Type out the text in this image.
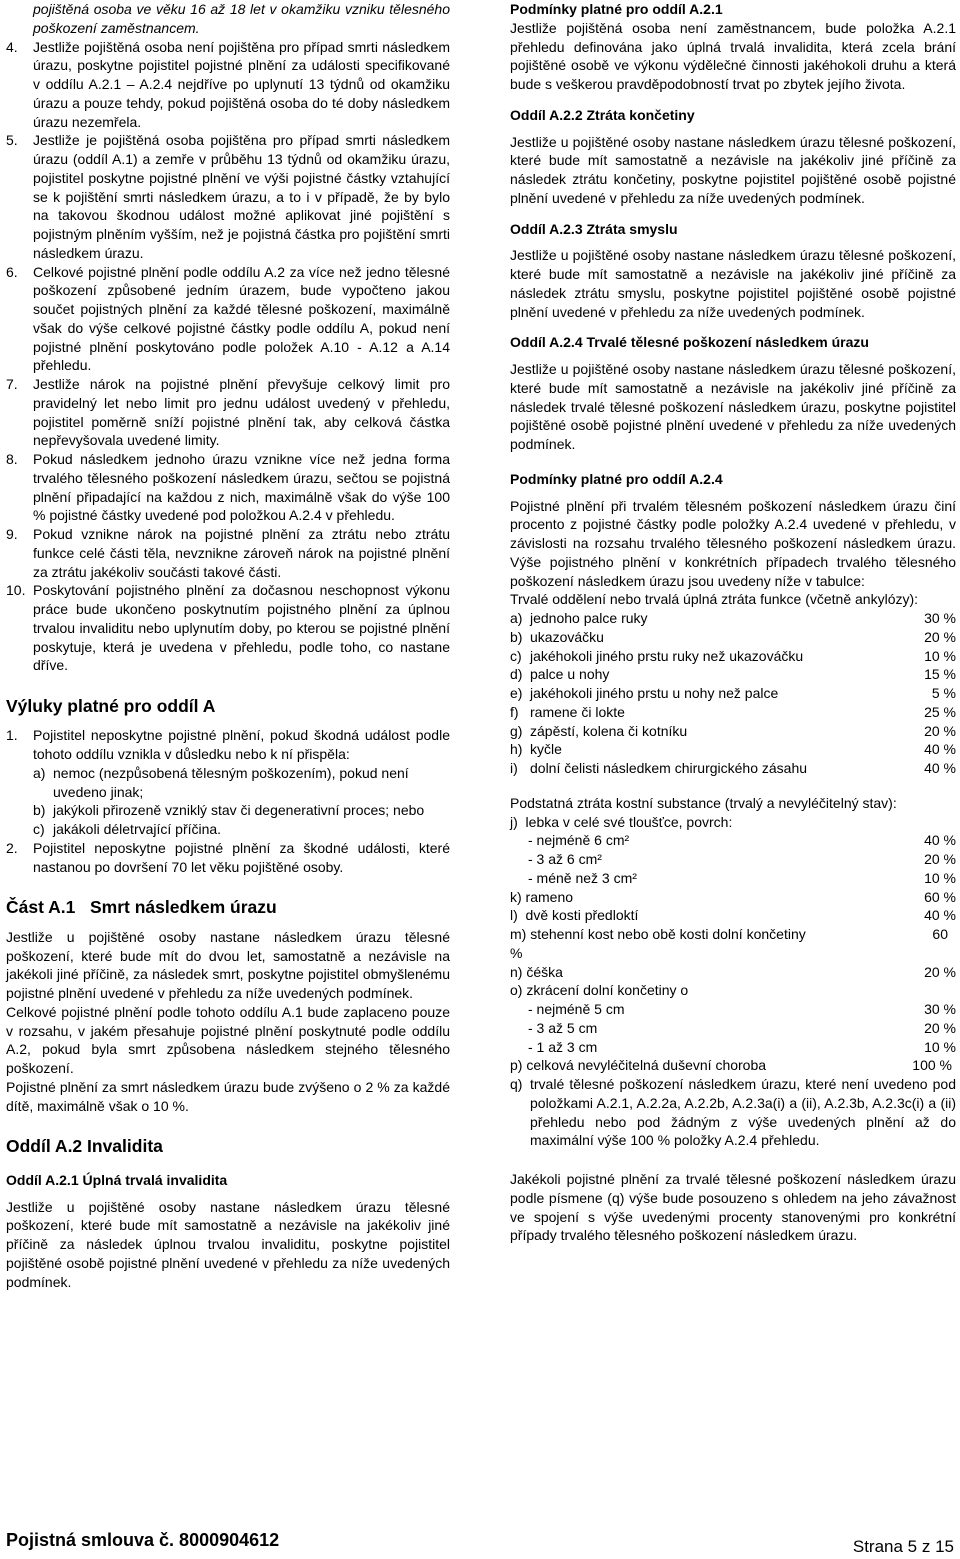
pojištěná osoba ve věku 16 až 18 let v okamžiku vzniku tělesného poškození zaměstnancem.

4.	Jestliže pojištěná osoba není pojištěna pro případ smrti následkem úrazu, poskytne pojistitel pojistné plnění za události specifikované v oddílu A.2.1 – A.2.4 nejdříve po uplynutí 13 týdnů od okamžiku úrazu a pouze tehdy, pokud pojištěná osoba do té doby následkem úrazu nezemřela.
5.	Jestliže je pojištěná osoba pojištěna pro případ smrti následkem úrazu (oddíl A.1) a zemře v průběhu 13 týdnů od okamžiku úrazu, pojistitel poskytne pojistné plnění ve výši pojistné částky vztahující se k pojištění smrti následkem úrazu, a to i v případě, že by bylo na takovou škodnou událost možné aplikovat jiné pojištění s pojistným plněním vyšším, než je pojistná částka pro pojištění smrti následkem úrazu.
6.	Celkové pojistné plnění podle oddílu A.2 za více než jedno tělesné poškození způsobené jedním úrazem, bude vypočteno jakou součet pojistných plnění za každé tělesné poškození, maximálně však do výše celkové pojistné částky podle oddílu A, pokud není pojistné plnění poskytováno podle položek A.10 - A.12 a A.14 přehledu.
7.	Jestliže nárok na pojistné plnění převyšuje celkový limit pro pravidelný let nebo limit pro jednu událost uvedený v přehledu, pojistitel poměrně sníží pojistné plnění tak, aby celková částka nepřevyšovala uvedené limity.
8.	Pokud následkem jednoho úrazu vznikne více než jedna forma trvalého tělesného poškození následkem úrazu, sečtou se pojistná plnění připadající na každou z nich, maximálně však do výše 100 % pojistné částky uvedené pod položkou A.2.4 v přehledu.
9.	Pokud vznikne nárok na pojistné plnění za ztrátu nebo ztrátu funkce celé části těla, nevznikne zároveň nárok na pojistné plnění za ztrátu jakékoliv součásti takové části.
10. Poskytování pojistného plnění za dočasnou neschopnost výkonu práce bude ukončeno poskytnutím pojistného plnění za úplnou trvalou invaliditu nebo uplynutím doby, po kterou se pojistné plnění poskytuje, která je uvedena v přehledu, podle toho, co nastane dříve.
Výluky platné pro oddíl A
1.	Pojistitel neposkytne pojistné plnění, pokud škodná událost podle tohoto oddílu vznikla v důsledku nebo k ní přispěla:
a) nemoc (nezpůsobená tělesným poškozením), pokud není uvedeno jinak;
b) jakýkoli přirozeně vzniklý stav či degenerativní proces; nebo
c) jakákoli déletrvající příčina.
2.	Pojistitel neposkytne pojistné plnění za škodné události, které nastanou po dovršení 70 let věku pojištěné osoby.
Část A.1   Smrt následkem úrazu

Jestliže u pojištěné osoby nastane následkem úrazu tělesné poškození, které bude mít do dvou let, samostatně a nezávisle na jakékoli jiné příčině, za následek smrt, poskytne pojistitel obmyšlenému pojistné plnění uvedené v přehledu za níže uvedených podmínek.

Celkové pojistné plnění podle tohoto oddílu A.1 bude zaplaceno pouze v rozsahu, v jakém přesahuje pojistné plnění poskytnuté podle oddílu A.2, pokud byla smrt způsobena následkem stejného tělesného poškození.

Pojistné plnění za smrt následkem úrazu bude zvýšeno o 2 % za každé dítě, maximálně však o 10 %.

Oddíl A.2 Invalidita
Oddíl A.2.1 Úplná trvalá invalidita

Jestliže u pojištěné osoby nastane následkem úrazu tělesné poškození, které bude mít samostatně a nezávisle na jakékoliv jiné příčině za následek úplnou trvalou invaliditu, poskytne pojistitel pojištěné osobě pojistné plnění uvedené v přehledu za níže uvedených podmínek.

Podmínky platné pro oddíl A.2.1

Jestliže pojištěná osoba není zaměstnancem, bude položka A.2.1 přehledu definována jako úplná trvalá invalidita, která zcela brání pojištěné osobě ve výkonu výdělečné činnosti jakéhokoli druhu a která bude s veškerou pravděpodobností trvat po zbytek jejího života.

Oddíl A.2.2 Ztráta končetiny

Jestliže u pojištěné osoby nastane následkem úrazu tělesné poškození, které bude mít samostatně a nezávisle na jakékoliv jiné příčině za následek ztrátu končetiny, poskytne pojistitel pojištěné osobě pojistné plnění uvedené v přehledu za níže uvedených podmínek.

Oddíl A.2.3 Ztráta smyslu

Jestliže u pojištěné osoby nastane následkem úrazu tělesné poškození, které bude mít samostatně a nezávisle na jakékoliv jiné příčině za následek ztrátu smyslu, poskytne pojistitel pojištěné osobě pojistné plnění uvedené v přehledu za níže uvedených podmínek.

Oddíl A.2.4 Trvalé tělesné poškození následkem úrazu

Jestliže u pojištěné osoby nastane následkem úrazu tělesné poškození, které bude mít samostatně a nezávisle na jakékoliv jiné příčině za následek trvalé tělesné poškození následkem úrazu, poskytne pojistitel pojištěné osobě pojistné plnění uvedené v přehledu za níže uvedených podmínek.

Podmínky platné pro oddíl A.2.4

Pojistné plnění při trvalém tělesném poškození následkem úrazu činí procento z pojistné částky podle položky A.2.4 uvedené v přehledu, v závislosti na rozsahu trvalého tělesného poškození následkem úrazu. Výše pojistného plnění v konkrétních případech trvalého tělesného poškození následkem úrazu jsou uvedeny níže v tabulce:

Trvalé oddělení nebo trvalá úplná ztráta funkce (včetně ankylózy):

a) jednoho palce ruky	30 %
b) ukazováčku	20 %
c) jakéhokoli jiného prstu ruky než ukazováčku	10 %
d) palce u nohy	15 %
e) jakéhokoli jiného prstu u nohy než palce	5 %
f) ramene či lokte	25 %
g) zápěstí, kolena či kotníku	20 %
h) kyčle	40 %
i) dolní čelisti následkem chirurgického zásahu	40 %

Podstatná ztráta kostní substance (trvalý a nevyléčitelný stav):

j)  lebka v celé své tloušťce, povrch:
- nejméně 6 cm²	40 %
- 3 až 6 cm²	20 %
- méně než 3 cm²	10 %
k) rameno	60 %
l)  dvě kosti předloktí	40 %
m) stehenní kost nebo obě kosti dolní končetiny	60
%
n) čéška	20 %
o) zkrácení dolní končetiny o
- nejméně 5 cm	30 %
- 3 až 5 cm	20 %
- 1 až 3 cm	10 %
p) celková nevyléčitelná duševní choroba	100 %
q) trvalé tělesné poškození následkem úrazu, které není uvedeno pod položkami A.2.1, A.2.2a, A.2.2b, A.2.3a(i) a (ii), A.2.3b, A.2.3c(i) a (ii) přehledu nebo pod žádným z výše uvedených plnění až do maximální výše 100 % položky A.2.4 přehledu.

Jakékoli pojistné plnění za trvalé tělesné poškození následkem úrazu podle písmene (q) výše bude posouzeno s ohledem na jeho závažnost ve spojení s výše uvedenými procenty stanovenými pro konkrétní případy trvalého tělesného poškození následkem úrazu.

Pojistná smlouva č. 8000904612	Strana 5 z 15
